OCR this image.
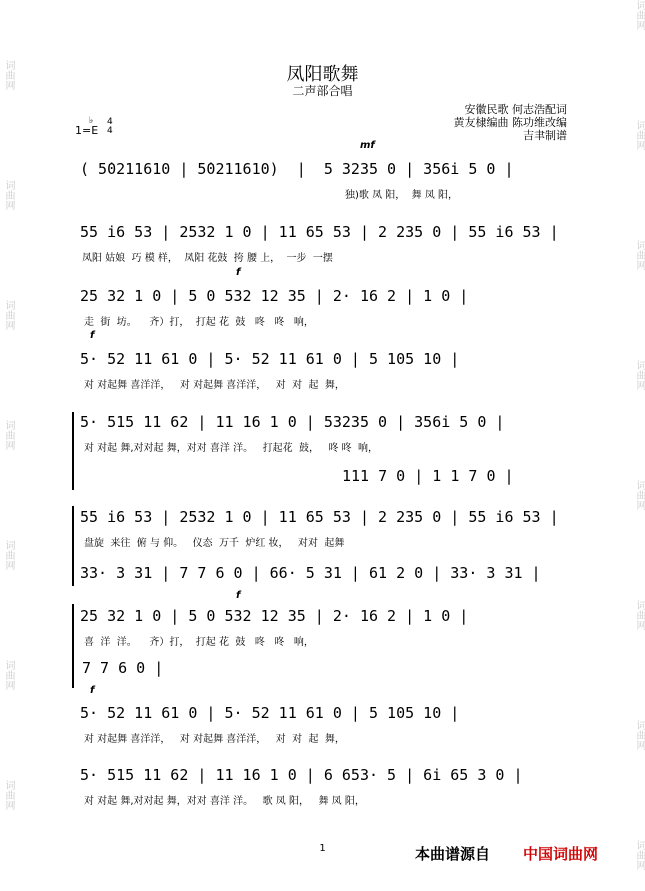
词曲网
词曲网
词曲网
词曲网
词曲网
词曲网
词曲网
词曲网
词曲网
词曲网
词曲网
词曲网
词曲网
词曲网
词曲网
凤阳歌舞
二声部合唱
安徽民歌 何志浩配词
黄友棣编曲 陈功维改编
吉聿制谱
1=
♭
E
4
4
mf
f
f
f
f
( 5̇0211610 | 5̇0211610)  |  5 3235 0 | 356i 5 0 |
独)歌 凤 阳，  舞 凤 阳，
55 i6 53 | 2532 1 0 | 11 65 53 | 2 235 0 | 55 i6 53 |
凤阳 姑娘  巧 模 样，  凤阳 花鼓  挎 腰 上，  一步  一摆
25 32 1 0 | 5 0 532 12 35 | 2· 16 2 | 1 0 |
走  街  坊。    齐）打，  打起 花  鼓   咚   咚   响，
5· 52 11 61 0 | 5· 52 11 61 0 | 5 105 10 |
对 对起舞 喜洋洋，   对 对起舞 喜洋洋，   对  对  起  舞，
5· 515 11 62 | 11 16 1 0 | 53235 0 | 356i 5 0 |
对 对起 舞,对对起 舞，对对 喜洋 洋。   打起花  鼓，   咚 咚  响，
111 7 0 | 1 1 7 0 |
55 i6 53 | 2532 1 0 | 11 65 53 | 2 235 0 | 55 i6 53 |
盘旋  来往  俯 与 仰。   仪态  万千  炉红 妆，   对对  起舞
33· 3 31 | 7 7 6 0 | 66· 5 31 | 61 2 0 | 33· 3 31 |
25 32 1 0 | 5 0 532 12 35 | 2· 16 2 | 1 0 |
喜  洋  洋。    齐）打，  打起 花  鼓   咚   咚   响，
7 7 6 0 |
5· 52 11 61 0 | 5· 52 11 61 0 | 5 105 10 |
对 对起舞 喜洋洋，   对 对起舞 喜洋洋，   对  对  起  舞，
5· 515 11 62 | 11 16 1 0 | 6 653· 5 | 6i 65 3 0 |
对 对起 舞,对对起 舞，对对 喜洋 洋。   歌 凤 阳，   舞 凤 阳，
1	本曲谱源自 中国词曲网
